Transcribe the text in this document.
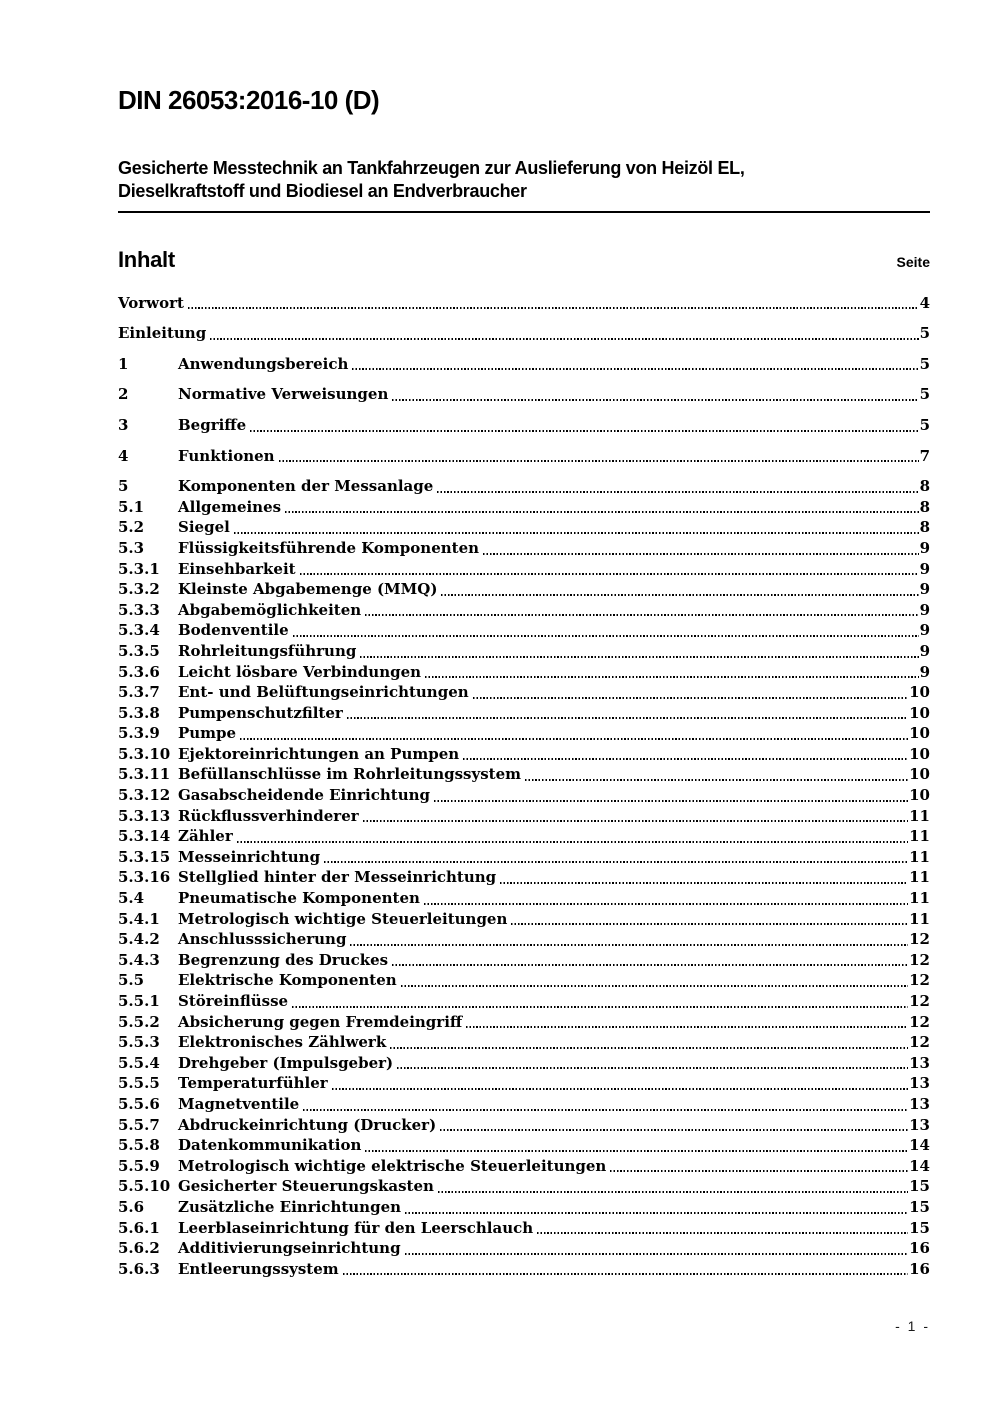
DIN 26053:2016-10 (D)
Gesicherte Messtechnik an Tankfahrzeugen zur Auslieferung von Heizöl EL,
Dieselkraftstoff und Biodiesel an Endverbraucher
Inhalt	Seite
Vorwort	4
Einleitung	5
1	Anwendungsbereich	5
2	Normative Verweisungen	5
3	Begriffe	5
4	Funktionen	7
5	Komponenten der Messanlage	8
5.1	Allgemeines	8
5.2	Siegel	8
5.3	Flüssigkeitsführende Komponenten	9
5.3.1	Einsehbarkeit	9
5.3.2	Kleinste Abgabemenge (MMQ)	9
5.3.3	Abgabemöglichkeiten	9
5.3.4	Bodenventile	9
5.3.5	Rohrleitungsführung	9
5.3.6	Leicht lösbare Verbindungen	9
5.3.7	Ent- und Belüftungseinrichtungen	10
5.3.8	Pumpenschutzfilter	10
5.3.9	Pumpe	10
5.3.10 Ejektoreinrichtungen an Pumpen	10
5.3.11 Befüllanschlüsse im Rohrleitungssystem	10
5.3.12 Gasabscheidende Einrichtung	10
5.3.13 Rückflussverhinderer	11
5.3.14 Zähler	11
5.3.15 Messeinrichtung	11
5.3.16 Stellglied hinter der Messeinrichtung	11
5.4	Pneumatische Komponenten	11
5.4.1	Metrologisch wichtige Steuerleitungen	11
5.4.2	Anschlusssicherung	12
5.4.3	Begrenzung des Druckes	12
5.5	Elektrische Komponenten	12
5.5.1	Störeinflüsse	12
5.5.2	Absicherung gegen Fremdeingriff	12
5.5.3	Elektronisches Zählwerk	12
5.5.4	Drehgeber (Impulsgeber)	13
5.5.5	Temperaturfühler	13
5.5.6	Magnetventile	13
5.5.7	Abdruckeinrichtung (Drucker)	13
5.5.8	Datenkommunikation	14
5.5.9	Metrologisch wichtige elektrische Steuerleitungen	14
5.5.10 Gesicherter Steuerungskasten	15
5.6	Zusätzliche Einrichtungen	15
5.6.1	Leerblaseinrichtung für den Leerschlauch	15
5.6.2	Additivierungseinrichtung	16
5.6.3	Entleerungssystem	16
- 1 -
